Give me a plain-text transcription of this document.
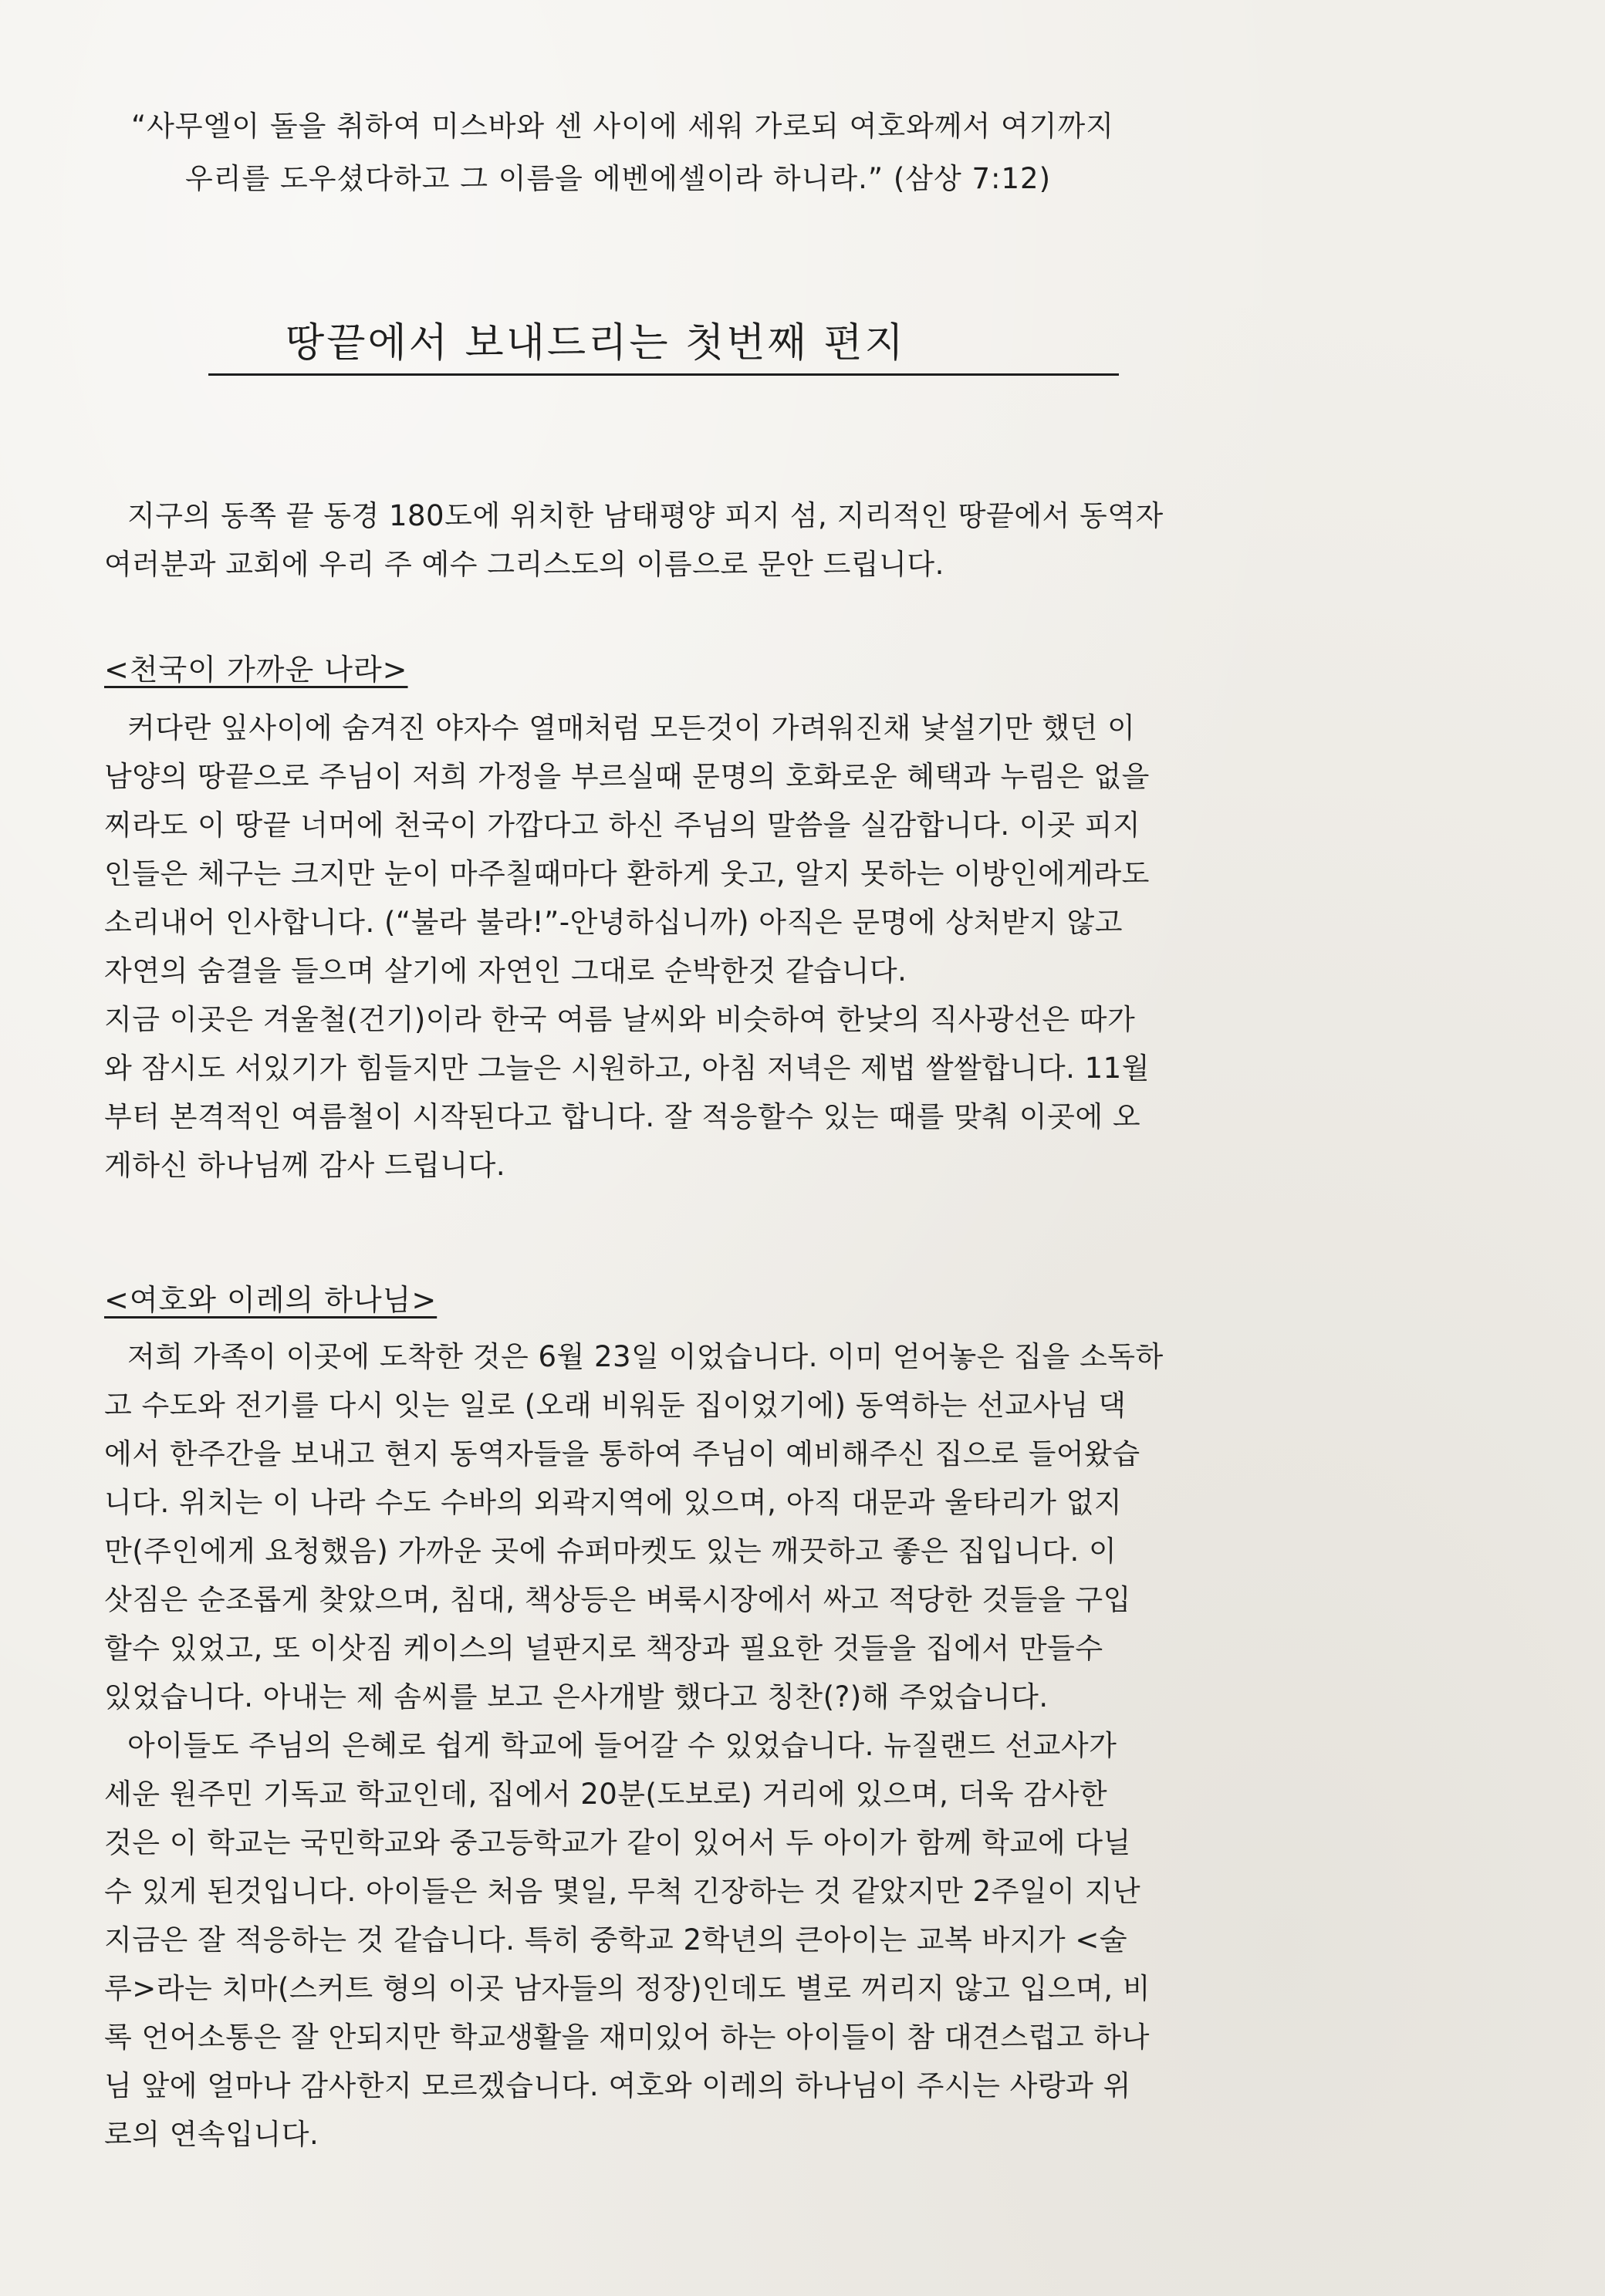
“사무엘이 돌을 취하여 미스바와 센 사이에 세워 가로되 여호와께서 여기까지
우리를 도우셨다하고 그 이름을 에벤에셀이라 하니라.” (삼상 7:12)
땅끝에서 보내드리는 첫번째 편지

지구의 동쪽 끝 동경 180도에 위치한 남태평양 피지 섬, 지리적인 땅끝에서 동역자

여러분과 교회에 우리 주 예수 그리스도의 이름으로 문안 드립니다.

<천국이 가까운 나라>

커다란 잎사이에 숨겨진 야자수 열매처럼 모든것이 가려워진채 낯설기만 했던 이

남양의 땅끝으로 주님이 저희 가정을 부르실때 문명의 호화로운 혜택과 누림은 없을

찌라도 이 땅끝 너머에 천국이 가깝다고 하신 주님의 말씀을 실감합니다. 이곳 피지

인들은 체구는 크지만 눈이 마주칠때마다 환하게 웃고, 알지 못하는 이방인에게라도

소리내어 인사합니다. (“불라 불라!”-안녕하십니까) 아직은 문명에 상처받지 않고

자연의 숨결을 들으며 살기에 자연인 그대로 순박한것 같습니다.

지금 이곳은 겨울철(건기)이라 한국 여름 날씨와 비슷하여 한낮의 직사광선은 따가

와 잠시도 서있기가 힘들지만 그늘은 시원하고, 아침 저녁은 제법 쌀쌀합니다. 11월

부터 본격적인 여름철이 시작된다고 합니다. 잘 적응할수 있는 때를 맞춰 이곳에 오

게하신 하나님께 감사 드립니다.

<여호와 이레의 하나님>

저희 가족이 이곳에 도착한 것은 6월 23일 이었습니다. 이미 얻어놓은 집을 소독하

고 수도와 전기를 다시 잇는 일로 (오래 비워둔 집이었기에) 동역하는 선교사님 댁

에서 한주간을 보내고 현지 동역자들을 통하여 주님이 예비해주신 집으로 들어왔습

니다. 위치는 이 나라 수도 수바의 외곽지역에 있으며, 아직 대문과 울타리가 없지

만(주인에게 요청했음) 가까운 곳에 슈퍼마켓도 있는 깨끗하고 좋은 집입니다. 이

삿짐은 순조롭게 찾았으며, 침대, 책상등은 벼룩시장에서 싸고 적당한 것들을 구입

할수 있었고, 또 이삿짐 케이스의 널판지로 책장과 필요한 것들을 집에서 만들수

있었습니다. 아내는 제 솜씨를 보고 은사개발 했다고 칭찬(?)해 주었습니다.

아이들도 주님의 은혜로 쉽게 학교에 들어갈 수 있었습니다. 뉴질랜드 선교사가

세운 원주민 기독교 학교인데, 집에서 20분(도보로) 거리에 있으며, 더욱 감사한

것은 이 학교는 국민학교와 중고등학교가 같이 있어서 두 아이가 함께 학교에 다닐

수 있게 된것입니다. 아이들은 처음 몇일, 무척 긴장하는 것 같았지만 2주일이 지난

지금은 잘 적응하는 것 같습니다. 특히 중학교 2학년의 큰아이는 교복 바지가 <술

루>라는 치마(스커트 형의 이곳 남자들의 정장)인데도 별로 꺼리지 않고 입으며, 비

록 언어소통은 잘 안되지만 학교생활을 재미있어 하는 아이들이 참 대견스럽고 하나

님 앞에 얼마나 감사한지 모르겠습니다. 여호와 이레의 하나님이 주시는 사랑과 위

로의 연속입니다.
